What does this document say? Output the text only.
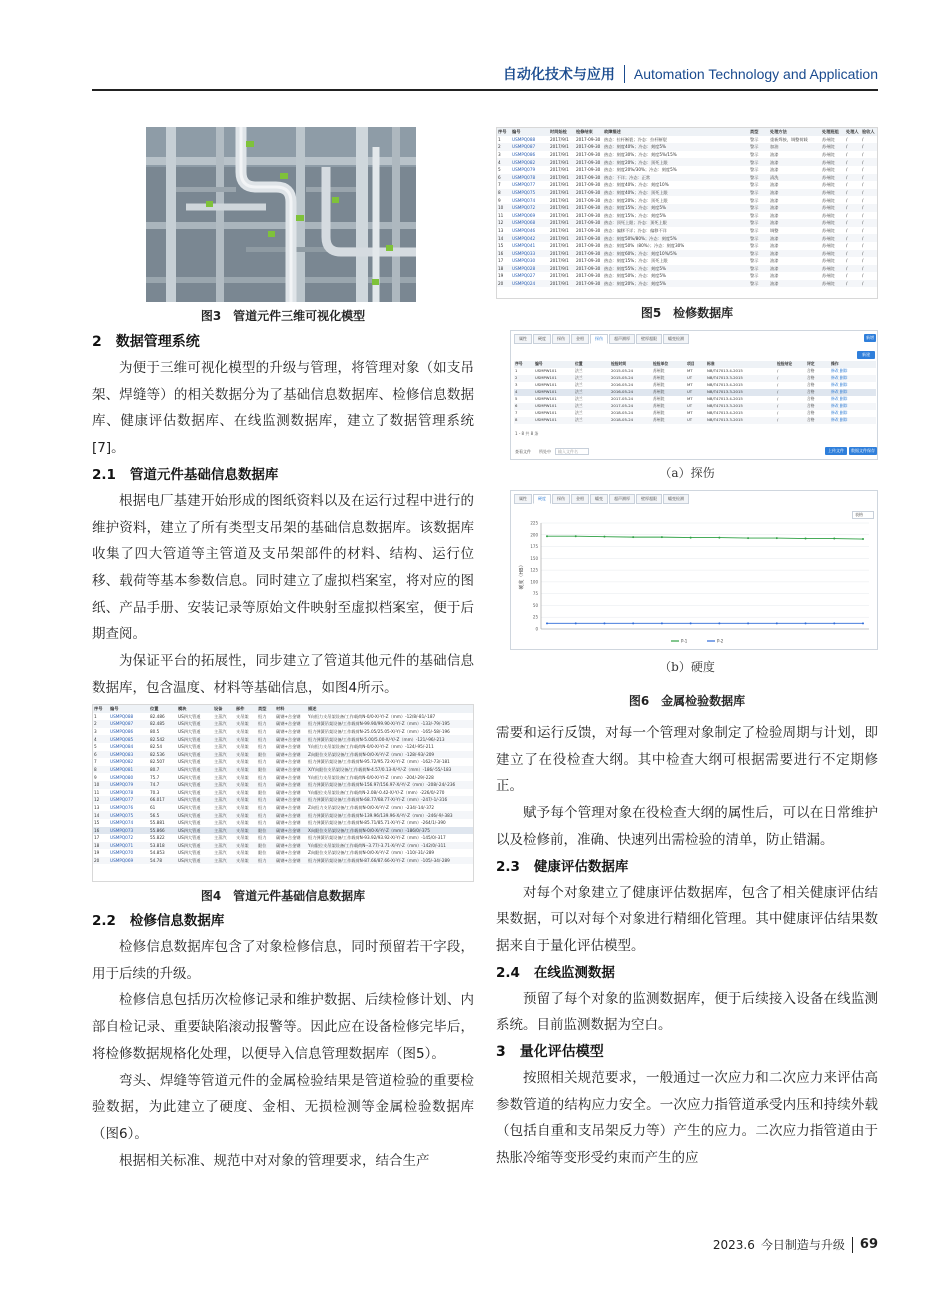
自动化技术与应用 Automation Technology and Application
图3 管道元件三维可视化模型
2 数据管理系统

为便于三维可视化模型的升级与管理，将管理对象（如支吊架、焊缝等）的相关数据分为了基础信息数据库、检修信息数据库、健康评估数据库、在线监测数据库，建立了数据管理系统 [7]。

2.1 管道元件基础信息数据库

根据电厂基建开始形成的图纸资料以及在运行过程中进行的维护资料，建立了所有类型支吊架的基础信息数据库。该数据库收集了四大管道等主管道及支吊架部件的材料、结构、运行位移、载荷等基本参数信息。同时建立了虚拟档案室，将对应的图纸、产品手册、安装记录等原始文件映射至虚拟档案室，便于后期查阅。

为保证平台的拓展性，同步建立了管道其他元件的基础信息数据库，包含温度、材料等基础信息，如图4所示。

序号	编号	位置	模块	设备	部件	类型	材料	描述
1	USMPQ088	82.486	US四大管道	主蒸汽	支吊架	恒力	碳钢+合金钢	Y向恒力支吊架设备/工作载荷N-0/0-X/-Y/-Z（mm）-12/8/-81/-187
2	USMPQ087	82.485	US四大管道	主蒸汽	支吊架	恒力	碳钢+合金钢	恒力弹簧吊架设备/工作载荷N-99.90/99.90-X/-Y/-Z（mm）-133/-79/-195
3	USMPQ086	80.5	US四大管道	主蒸汽	支吊架	恒力	碳钢+合金钢	恒力弹簧吊架设备/工作载荷N-25.05/25.05-X/-Y/-Z（mm）-165/-58/-196
4	USMPQ085	82.542	US四大管道	主蒸汽	支吊架	恒力	碳钢+合金钢	恒力弹簧吊架设备/工作载荷N-5.00/5.00-X/-Y/-Z（mm）-121/-96/-213
5	USMPQ084	82.54	US四大管道	主蒸汽	支吊架	恒力	碳钢+合金钢	Y向恒力支吊架设备/工作载荷N-0/0-X/-Y/-Z（mm）-124/-95/-211
6	USMPQ083	82.536	US四大管道	主蒸汽	支吊架	限位	碳钢+合金钢	Z向限位支吊架设备/工作载荷N-0/0-X/-Y/-Z（mm）-128/-93/-209
7	USMPQ082	82.507	US四大管道	主蒸汽	支吊架	恒力	碳钢+合金钢	恒力弹簧吊架设备/工作载荷N-95.72/95.72-X/-Y/-Z（mm）-162/-73/-181
8	USMPQ081	80.7	US四大管道	主蒸汽	支吊架	限位	碳钢+合金钢	X/Y向限位支吊架设备/工作载荷N-4.57/0.13-X/-Y/-Z（mm）-186/-55/-183
9	USMPQ080	75.7	US四大管道	主蒸汽	支吊架	恒力	碳钢+合金钢	Y向恒力支吊架设备/工作载荷N-0/0-X/-Y/-Z（mm）-204/-29/-228
10	USMPQ079	74.7	US四大管道	主蒸汽	支吊架	恒力	碳钢+合金钢	恒力弹簧吊架设备/工作载荷N-156.97/156.97-X/-Y/-Z（mm）-208/-24/-236
11	USMPQ078	70.3	US四大管道	主蒸汽	支吊架	限位	碳钢+合金钢	Y向限位支吊架设备/工作载荷N-2.08/-0.42-X/-Y/-Z（mm）-226/0/-270
12	USMPQ077	66.017	US四大管道	主蒸汽	支吊架	恒力	碳钢+合金钢	恒力弹簧吊架设备/工作载荷N-68.77/68.77-X/-Y/-Z（mm）-247/-1/-316
13	USMPQ076	61	US四大管道	主蒸汽	支吊架	恒力	碳钢+合金钢	Z向恒力支吊架设备/工作载荷N-0/0-X/-Y/-Z（mm）-234/-14/-372
14	USMPQ075	56.5	US四大管道	主蒸汽	支吊架	恒力	碳钢+合金钢	恒力弹簧吊架设备/工作载荷N-139.96/139.96-X/-Y/-Z（mm）-246/-9/-383
15	USMPQ074	55.881	US四大管道	主蒸汽	支吊架	恒力	碳钢+合金钢	恒力弹簧吊架设备/工作载荷N-85.71/85.71-X/-Y/-Z（mm）-264/1/-390
16	USMPQ073	55.866	US四大管道	主蒸汽	支吊架	限位	碳钢+合金钢	X向限位支吊架设备/工作载荷N-0/0-X/-Y/-Z（mm）-186/0/-375
17	USMPQ072	55.822	US四大管道	主蒸汽	支吊架	恒力	碳钢+合金钢	恒力弹簧吊架设备/工作载荷N-93.92/93.92-X/-Y/-Z（mm）-145/0/-317
18	USMPQ071	53.818	US四大管道	主蒸汽	支吊架	限位	碳钢+合金钢	Y向限位支吊架设备/工作载荷N--3.77/-3.71-X/-Y/-Z（mm）-142/0/-311
19	USMPQ070	54.853	US四大管道	主蒸汽	支吊架	限位	碳钢+合金钢	Z向限位支吊架设备/工作载荷N-0/0-X/-Y/-Z（mm）-110/-31/-289
20	USMPQ069	54.78	US四大管道	主蒸汽	支吊架	恒力	碳钢+合金钢	恒力弹簧吊架设备/工作载荷N-87.66/87.66-X/-Y/-Z（mm）-105/-34/-289
图4 管道元件基础信息数据库
2.2 检修信息数据库

检修信息数据库包含了对象检修信息，同时预留若干字段，用于后续的升级。

检修信息包括历次检修记录和维护数据、后续检修计划、内部自检记录、重要缺陷滚动报警等。因此应在设备检修完毕后，将检修数据规格化处理，以便导入信息管理数据库（图5）。

弯头、焊缝等管道元件的金属检验结果是管道检验的重要检验数据，为此建立了硬度、金相、无损检测等金属检验数据库（图6）。

根据相关标准、规范中对对象的管理要求，结合生产

序号	编号	时间始检	检修结束	故障描述	类型	处理方法	处理班组	处理人	验收人
1	USMPQ088	2017/9/1	2017-09-30	热态：拉杆断裂；冷态：拉杆断裂	警示	重新焊接，调整荷载	苏州院	/	/
2	USMPQ087	2017/9/1	2017-09-30	热态：刻度40%；冷态：刻度5%	警示	加油	苏州院	/	/
3	USMPQ086	2017/9/1	2017-09-30	热态：刻度30%；冷态：刻度5%/15%	警示	油漆	苏州院	/	/
4	USMPQ082	2017/9/1	2017-09-30	热态：刻度20%；冷态：顶死上限	警示	油漆	苏州院	/	/
5	USMPQ079	2017/9/1	2017-09-30	热态：刻度20%/30%；冷态：刻度5%	警示	油漆	苏州院	/	/
6	USMPQ078	2017/9/1	2017-09-30	热态：不详；冷态：正常	警示	清洗	苏州院	/	/
7	USMPQ077	2017/9/1	2017-09-30	热态：刻度40%；冷态：刻度10%	警示	油漆	苏州院	/	/
8	USMPQ075	2017/9/1	2017-09-30	热态：刻度40%；冷态：顶死上限	警示	油漆	苏州院	/	/
9	USMPQ074	2017/9/1	2017-09-30	热态：刻度20%；冷态：顶死上限	警示	油漆	苏州院	/	/
10	USMPQ072	2017/9/1	2017-09-30	热态：刻度15%；冷态：刻度5%	警示	油漆	苏州院	/	/
11	USMPQ069	2017/9/1	2017-09-30	热态：刻度15%；冷态：刻度5%	警示	油漆	苏州院	/	/
12	USMPQ068	2017/9/1	2017-09-30	热态：顶死上限；冷态：顶死上限	警示	油漆	苏州院	/	/
13	USMPQ046	2017/9/1	2017-09-30	热态：偏移不详；冷态：偏移不详	警示	调整	苏州院	/	/
14	USMPQ042	2017/9/1	2017-09-30	热态：刻度50%/80%；冷态：刻度5%	警示	油漆	苏州院	/	/
15	USMPQ041	2017/9/1	2017-09-30	热态：刻度50%（80%）；冷态：刻度30%	警示	油漆	苏州院	/	/
16	USMPQ033	2017/9/1	2017-09-30	热态：刻度60%；冷态：刻度10%/5%	警示	油漆	苏州院	/	/
17	USMPQ030	2017/9/1	2017-09-30	热态：刻度15%；冷态：顶死上限	警示	油漆	苏州院	/	/
18	USMPQ028	2017/9/1	2017-09-30	热态：刻度55%；冷态：刻度5%	警示	油漆	苏州院	/	/
19	USMPQ027	2017/9/1	2017-09-30	热态：刻度50%；冷态：刻度5%	警示	油漆	苏州院	/	/
20	USMPQ024	2017/9/1	2017-09-30	热态：刻度20%；冷态：刻度5%	警示	油漆	苏州院	/	/
图5 检修数据库
属性	硬度	探伤	金相	探伤	超声测厚	壁厚超限	蠕变检测	新增
新建
序号	编号	位置	检验时间	检验单位	项目	标准	检验结论	评定	操作
1	USMPW101	法兰	2015-05-24	苏州院	MT	NB/T47013.4-2015	/	合格	修改 删除
2	USMPW101	法兰	2015-05-24	苏州院	UT	NB/T47013.3-2015	/	合格	修改 删除
3	USMPW101	法兰	2016-05-24	苏州院	MT	NB/T47013.4-2015	/	合格	修改 删除
4	USMPW101	法兰	2016-05-24	苏州院	UT	NB/T47013.3-2015	/	合格	修改 删除
5	USMPW101	法兰	2017-05-24	苏州院	MT	NB/T47013.4-2015	/	合格	修改 删除
6	USMPW101	法兰	2017-05-24	苏州院	UT	NB/T47013.3-2015	/	合格	修改 删除
7	USMPW101	法兰	2018-05-24	苏州院	MT	NB/T47013.4-2015	/	合格	修改 删除
8	USMPW101	法兰	2018-05-24	苏州院	UT	NB/T47013.3-2015	/	合格	修改 删除
1 - 8 共 8 条
查看文件 所处中	输入文件名	上传文件	数据文件保存
（a）探伤
属性	硬度	探伤	金相	蠕变	超声测厚	壁厚超限	蠕变检测
表格
0
25
50
75
100
125
150
175
200
225
硬度（HB）
P-1	P-2
（b）硬度
图6 金属检验数据库

需要和运行反馈，对每一个管理对象制定了检验周期与计划，即建立了在役检查大纲。其中检查大纲可根据需要进行不定期修正。

赋予每个管理对象在役检查大纲的属性后，可以在日常维护以及检修前，准确、快速列出需检验的清单，防止错漏。

2.3 健康评估数据库

对每个对象建立了健康评估数据库，包含了相关健康评估结果数据，可以对每个对象进行精细化管理。其中健康评估结果数据来自于量化评估模型。

2.4 在线监测数据

预留了每个对象的监测数据库，便于后续接入设备在线监测系统。目前监测数据为空白。

3 量化评估模型

按照相关规范要求，一般通过一次应力和二次应力来评估高参数管道的结构应力安全。一次应力指管道承受内压和持续外载（包括自重和支吊架反力等）产生的应力。二次应力指管道由于热胀冷缩等变形受约束而产生的应

2023.6 今日制造与升级 69
